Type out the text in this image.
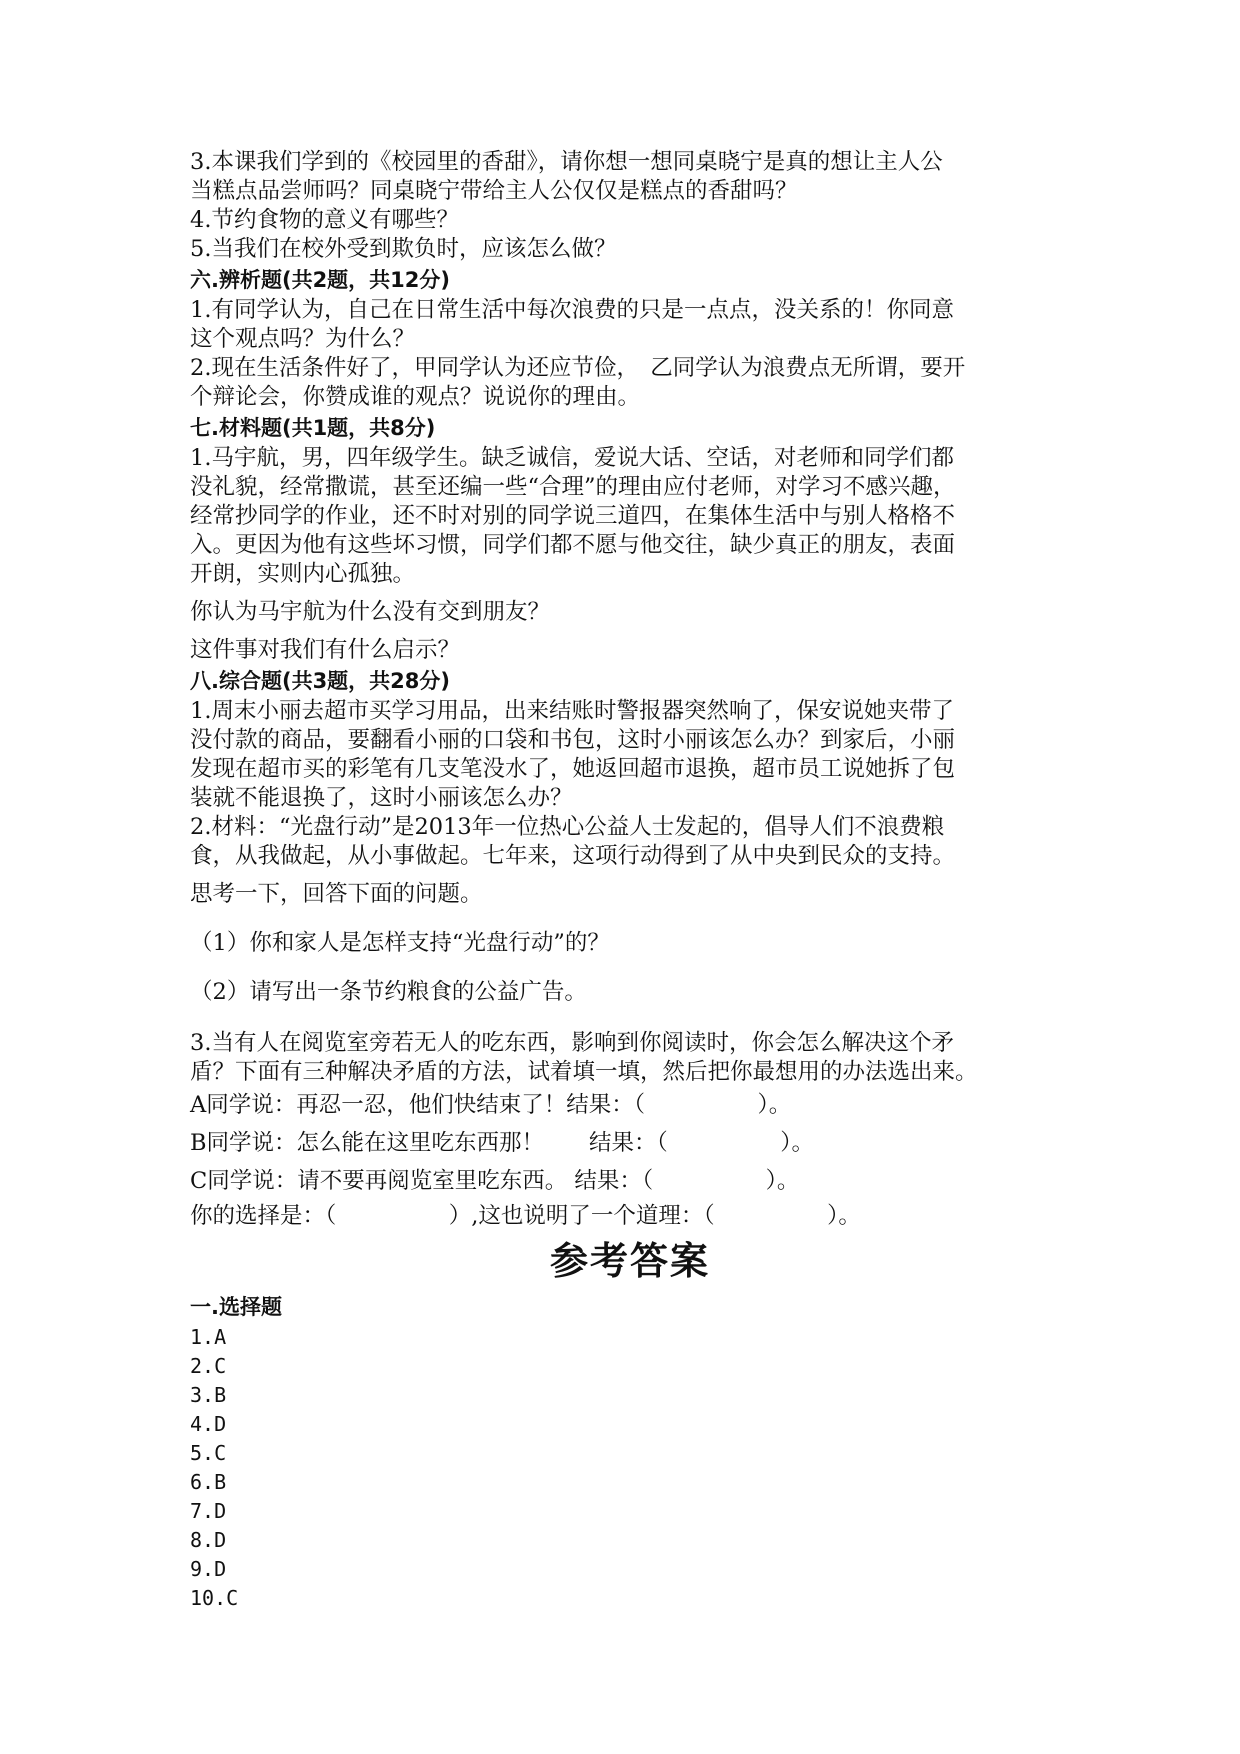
3.本课我们学到的《校园里的香甜》，请你想一想同桌晓宁是真的想让主人公

当糕点品尝师吗？同桌晓宁带给主人公仅仅是糕点的香甜吗？

4.节约食物的意义有哪些？

5.当我们在校外受到欺负时，应该怎么做？

六.辨析题(共2题，共12分)

1.有同学认为，自己在日常生活中每次浪费的只是一点点，没关系的！你同意

这个观点吗？为什么？

2.现在生活条件好了，甲同学认为还应节俭，　乙同学认为浪费点无所谓，要开

个辩论会，你赞成谁的观点？说说你的理由。

七.材料题(共1题，共8分)

1.马宇航，男，四年级学生。缺乏诚信，爱说大话、空话，对老师和同学们都

没礼貌，经常撒谎，甚至还编一些“合理”的理由应付老师，对学习不感兴趣，

经常抄同学的作业，还不时对别的同学说三道四，在集体生活中与别人格格不

入。更因为他有这些坏习惯，同学们都不愿与他交往，缺少真正的朋友，表面

开朗，实则内心孤独。

你认为马宇航为什么没有交到朋友？

这件事对我们有什么启示？

八.综合题(共3题，共28分)

1.周末小丽去超市买学习用品，出来结账时警报器突然响了，保安说她夹带了

没付款的商品，要翻看小丽的口袋和书包，这时小丽该怎么办？到家后，小丽

发现在超市买的彩笔有几支笔没水了，她返回超市退换，超市员工说她拆了包

装就不能退换了，这时小丽该怎么办？

2.材料：“光盘行动”是2013年一位热心公益人士发起的，倡导人们不浪费粮

食，从我做起，从小事做起。七年来，这项行动得到了从中央到民众的支持。

思考一下，回答下面的问题。

（1）你和家人是怎样支持“光盘行动”的？

（2）请写出一条节约粮食的公益广告。

3.当有人在阅览室旁若无人的吃东西，影响到你阅读时，你会怎么解决这个矛

盾？下面有三种解决矛盾的方法，试着填一填，然后把你最想用的办法选出来。

A同学说：再忍一忍，他们快结束了！结果：（　　　　　）。

B同学说：怎么能在这里吃东西那！　　结果：（　　　　　）。

C同学说：请不要再阅览室里吃东西。 结果：（　　　　　）。

你的选择是：（　　　　　）,这也说明了一个道理：（　　　　　）。

参考答案

一.选择题

1.A

2.C

3.B

4.D

5.C

6.B

7.D

8.D

9.D

10.C
